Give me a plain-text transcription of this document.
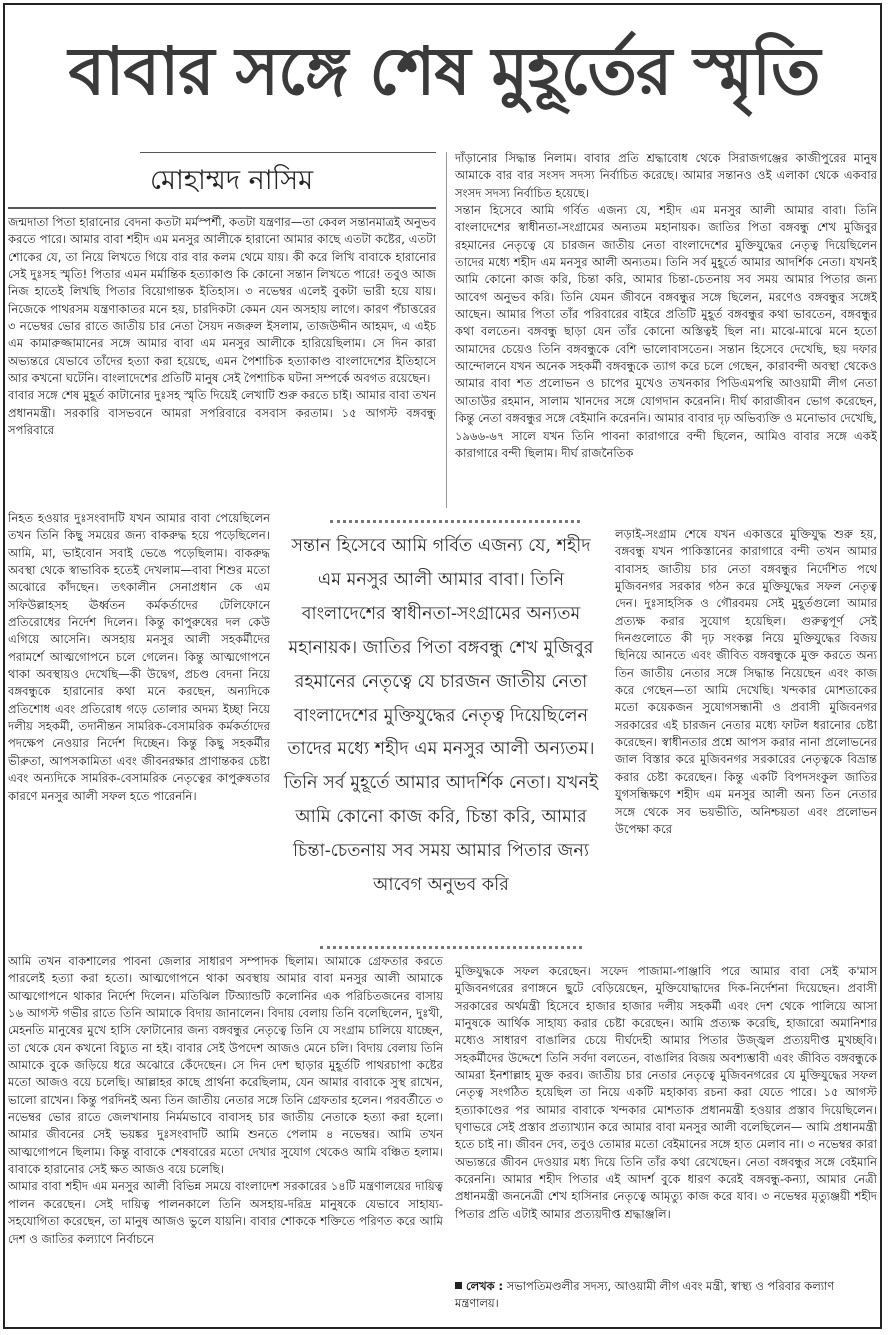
বাবার সঙ্গে শেষ মুহূর্তের স্মৃতি
মোহাম্মদ নাসিম

জন্মদাতা পিতা হারানোর বেদনা কতটা মর্মস্পর্শী, কতটা যন্ত্রণার—তা কেবল সন্তানমাত্রই অনুভব করতে পারে। আমার বাবা শহীদ এম মনসুর আলীকে হারানো আমার কাছে এতটা কষ্টের, এতটা শোকের যে, তা নিয়ে লিখতে গিয়ে বার বার কলম থেমে যায়। কী করে লিখি বাবাকে হারানোর সেই দুঃসহ স্মৃতি! পিতার এমন মর্মান্তিক হত্যাকাণ্ড কি কোনো সন্তান লিখতে পারে! তবুও আজ নিজ হাতেই লিখছি পিতার বিয়োগান্তক ইতিহাস। ৩ নভেম্বর এলেই বুকটা ভারী হয়ে যায়। নিজেকে পাথরসম যন্ত্রণাকাতর মনে হয়, চারদিকটা কেমন যেন অসহায় লাগে। কারণ পঁচাত্তরের ৩ নভেম্বর ভোর রাতে জাতীয় চার নেতা সৈয়দ নজরুল ইসলাম, তাজউদ্দীন আহমদ, এ এইচ এম কামারুজ্জামানের সঙ্গে আমার বাবা এম মনসুর আলীকে হারিয়েছিলাম। সে দিন কারা অভ্যন্তরে যেভাবে তাঁদের হত্যা করা হয়েছে, এমন পৈশাচিক হত্যাকাণ্ড বাংলাদেশের ইতিহাসে আর কখনো ঘটেনি। বাংলাদেশের প্রতিটি মানুষ সেই পৈশাচিক ঘটনা সম্পর্কে অবগত রয়েছেন।

বাবার সঙ্গে শেষ মুহূর্ত কাটানোর দুঃসহ স্মৃতি দিয়েই লেখাটি শুরু করতে চাই। আমার বাবা তখন প্রধানমন্ত্রী। সরকারি বাসভবনে আমরা সপরিবারে বসবাস করতাম। ১৫ আগস্ট বঙ্গবন্ধু সপরিবারে

নিহত হওয়ার দুঃসংবাদটি যখন আমার বাবা পেয়েছিলেন তখন তিনি কিছু সময়ের জন্য বাকরুদ্ধ হয়ে পড়েছিলেন। আমি, মা, ভাইবোন সবাই ভেঙে পড়েছিলাম। বাকরুদ্ধ অবস্থা থেকে স্বাভাবিক হতেই দেখলাম—বাবা শিশুর মতো অঝোরে কাঁদছেন। তৎকালীন সেনাপ্রধান কে এম সফিউল্লাহসহ ঊর্ধ্বতন কর্মকর্তাদের টেলিফোনে প্রতিরোধের নির্দেশ দিলেন। কিন্তু কাপুরুষের দল কেউ এগিয়ে আসেনি। অসহায় মনসুর আলী সহকর্মীদের পরামর্শে আত্মগোপনে চলে গেলেন। কিন্তু আত্মগোপনে থাকা অবস্থায়ও দেখেছি—কী উদ্বেগ, প্রচণ্ড বেদনা নিয়ে বঙ্গবন্ধুকে হারানোর কথা মনে করছেন, অন্যদিকে প্রতিশোধ এবং প্রতিরোধ গড়ে তোলার অদম্য ইচ্ছা নিয়ে দলীয় সহকর্মী, তদানীন্তন সামরিক-বেসামরিক কর্মকর্তাদের পদক্ষেপ নেওয়ার নির্দেশ দিচ্ছেন। কিন্তু কিছু সহকর্মীর ভীরুতা, আপসকামিতা এবং জীবনরক্ষার প্রাণান্তকর চেষ্টা এবং অন্যদিকে সামরিক-বেসামরিক নেতৃত্বের কাপুরুষতার কারণে মনসুর আলী সফল হতে পারেননি।

আমি তখন বাকশালের পাবনা জেলার সাধারণ সম্পাদক ছিলাম। আমাকে গ্রেফতার করতে পারলেই হত্যা করা হতো। আত্মগোপনে থাকা অবস্থায় আমার বাবা মনসুর আলী আমাকে আত্মগোপনে থাকার নির্দেশ দিলেন। মতিঝিল টিঅ্যান্ডটি কলোনির এক পরিচিতজনের বাসায় ১৬ আগস্ট গভীর রাতে তিনি আমাকে বিদায় জানালেন। বিদায় বেলায় তিনি বলেছিলেন, দুঃখী, মেহনতি মানুষের মুখে হাসি ফোটানোর জন্য বঙ্গবন্ধুর নেতৃত্বে তিনি যে সংগ্রাম চালিয়ে যাচ্ছেন, তা থেকে যেন কখনো বিচ্যুত না হই। বাবার সেই উপদেশ আজও মেনে চলি। বিদায় বেলায় তিনি আমাকে বুকে জড়িয়ে ধরে অঝোরে কেঁদেছেন। সে দিন দেশ ছাড়ার মুহূর্তটি পাথরচাপা কষ্টের মতো আজও বয়ে চলেছি। আল্লাহর কাছে প্রার্থনা করেছিলাম, যেন আমার বাবাকে সুস্থ রাখেন, ভালো রাখেন। কিন্তু পরদিনই অন্য তিন জাতীয় নেতার সঙ্গে তিনি গ্রেফতার হলেন। পরবর্তীতে ৩ নভেম্বর ভোর রাতে জেলখানায় নির্মমভাবে বাবাসহ চার জাতীয় নেতাকে হত্যা করা হলো। আমার জীবনের সেই ভয়ঙ্কর দুঃসংবাদটি আমি শুনতে পেলাম ৪ নভেম্বর। আমি তখন আত্মগোপনে ছিলাম। কিন্তু বাবাকে শেষবারের মতো দেখার সুযোগ থেকেও আমি বঞ্চিত হলাম। বাবাকে হারানোর সেই ক্ষত আজও বয়ে চলেছি।

আমার বাবা শহীদ এম মনসুর আলী বিভিন্ন সময়ে বাংলাদেশ সরকারের ১৪টি মন্ত্রণালয়ের দায়িত্ব পালন করেছেন। সেই দায়িত্ব পালনকালে তিনি অসহায়-দরিদ্র মানুষকে যেভাবে সাহায্য-সহযোগিতা করেছেন, তা মানুষ আজও ভুলে যায়নি। বাবার শোককে শক্তিতে পরিণত করে আমি দেশ ও জাতির কল্যাণে নির্বাচনে

দাঁড়ানোর সিদ্ধান্ত নিলাম। বাবার প্রতি শ্রদ্ধাবোধ থেকে সিরাজগঞ্জের কাজীপুরের মানুষ আমাকে বার বার সংসদ সদস্য নির্বাচিত করেছে। আমার সন্তানও ওই এলাকা থেকে একবার সংসদ সদস্য নির্বাচিত হয়েছে।

সন্তান হিসেবে আমি গর্বিত এজন্য যে, শহীদ এম মনসুর আলী আমার বাবা। তিনি বাংলাদেশের স্বাধীনতা-সংগ্রামের অন্যতম মহানায়ক। জাতির পিতা বঙ্গবন্ধু শেখ মুজিবুর রহমানের নেতৃত্বে যে চারজন জাতীয় নেতা বাংলাদেশের মুক্তিযুদ্ধের নেতৃত্ব দিয়েছিলেন তাদের মধ্যে শহীদ এম মনসুর আলী অন্যতম। তিনি সর্ব মুহূর্তে আমার আদর্শিক নেতা। যখনই আমি কোনো কাজ করি, চিন্তা করি, আমার চিন্তা-চেতনায় সব সময় আমার পিতার জন্য আবেগ অনুভব করি। তিনি যেমন জীবনে বঙ্গবন্ধুর সঙ্গে ছিলেন, মরণেও বঙ্গবন্ধুর সঙ্গেই আছেন। আমার পিতা তাঁর পরিবারের বাইরে প্রতিটি মুহূর্ত বঙ্গবন্ধুর কথা ভাবতেন, বঙ্গবন্ধুর কথা বলতেন। বঙ্গবন্ধু ছাড়া যেন তাঁর কোনো অস্তিত্বই ছিল না। মাঝে-মাঝে মনে হতো আমাদের চেয়েও তিনি বঙ্গবন্ধুকে বেশি ভালোবাসতেন। সন্তান হিসেবে দেখেছি, ছয় দফার আন্দোলনে যখন অনেক সহকর্মী বঙ্গবন্ধুকে ত্যাগ করে চলে গেছেন, কারাবন্দী অবস্থা থেকেও আমার বাবা শত প্রলোভন ও চাপের মুখেও তখনকার পিডিএমপন্থি আওয়ামী লীগ নেতা আতাউর রহমান, সালাম খানদের সঙ্গে যোগদান করেননি। দীর্ঘ কারাজীবন ভোগ করেছেন, কিন্তু নেতা বঙ্গবন্ধুর সঙ্গে বেইমানি করেননি। আমার বাবার দৃঢ় অভিব্যক্তি ও মনোভাব দেখেছি, ১৯৬৬-৬৭ সালে যখন তিনি পাবনা কারাগারে বন্দী ছিলেন, আমিও বাবার সঙ্গে একই কারাগারে বন্দী ছিলাম। দীর্ঘ রাজনৈতিক

লড়াই-সংগ্রাম শেষে যখন একাত্তরে মুক্তিযুদ্ধ শুরু হয়, বঙ্গবন্ধু যখন পাকিস্তানের কারাগারে বন্দী তখন আমার বাবাসহ জাতীয় চার নেতা বঙ্গবন্ধুর নির্দেশিত পথে মুজিবনগর সরকার গঠন করে মুক্তিযুদ্ধের সফল নেতৃত্ব দেন। দুঃসাহসিক ও গৌরবময় সেই মুহূর্তগুলো আমার প্রত্যক্ষ করার সুযোগ হয়েছিল। গুরুত্বপূর্ণ সেই দিনগুলোতে কী দৃঢ় সংকল্প নিয়ে মুক্তিযুদ্ধের বিজয় ছিনিয়ে আনতে এবং জীবিত বঙ্গবন্ধুকে মুক্ত করতে অন্য তিন জাতীয় নেতার সঙ্গে সিদ্ধান্ত নিয়েছেন এবং কাজ করে গেছেন—তা আমি দেখেছি। খন্দকার মোশতাকের মতো কয়েকজন সুযোগসন্ধানী ও প্রবাসী মুজিবনগর সরকারের এই চারজন নেতার মধ্যে ফাটল ধরানোর চেষ্টা করেছেন। স্বাধীনতার প্রশ্নে আপস করার নানা প্রলোভনের জাল বিস্তার করে মুজিবনগর সরকারের নেতৃত্বকে বিভ্রান্ত করার চেষ্টা করেছেন। কিন্তু একটি বিপদসংকুল জাতির যুগসন্ধিক্ষণে শহীদ এম মনসুর আলী অন্য তিন নেতার সঙ্গে থেকে সব ভয়ভীতি, অনিশ্চয়তা এবং প্রলোভন উপেক্ষা করে

মুক্তিযুদ্ধকে সফল করেছেন। সফেদ পাজামা-পাঞ্জাবি পরে আমার বাবা সেই ক'মাস মুজিবনগরের রণাঙ্গনে ছুটে বেড়িয়েছেন, মুক্তিযোদ্ধাদের দিক-নির্দেশনা দিয়েছেন। প্রবাসী সরকারের অর্থমন্ত্রী হিসেবে হাজার হাজার দলীয় সহকর্মী এবং দেশ থেকে পালিয়ে আসা মানুষকে আর্থিক সাহায্য করার চেষ্টা করেছেন। আমি প্রত্যক্ষ করেছি, হাজারো অমানিশার মধ্যেও সাধারণ বাঙালির চেয়ে দীর্ঘদেহী আমার পিতার উজ্জ্বল প্রত্যয়দীপ্ত মুখচ্ছবি। সহকর্মীদের উদ্দেশে তিনি সর্বদা বলতেন, বাঙালির বিজয় অবশ্যম্ভাবী এবং জীবিত বঙ্গবন্ধুকে আমরা ইনশাল্লাহ মুক্ত করব। জাতীয় চার নেতার নেতৃত্বে মুজিবনগরের যে মুক্তিযুদ্ধের সফল নেতৃত্ব সংগঠিত হয়েছিল তা নিয়ে একটি মহাকাব্য রচনা করা যেতে পারে। ১৫ আগস্ট হত্যাকাণ্ডের পর আমার বাবাকে খন্দকার মোশতাক প্রধানমন্ত্রী হওয়ার প্রস্তাব দিয়েছিলেন। ঘৃণাভরে সেই প্রস্তাব প্রত্যাখ্যান করে আমার বাবা মনসুর আলী বলেছিলেন— আমি প্রধানমন্ত্রী হতে চাই না। জীবন দেব, তবুও তোমার মতো বেইমানের সঙ্গে হাত মেলাব না। ৩ নভেম্বর কারা অভ্যন্তরে জীবন দেওয়ার মধ্য দিয়ে তিনি তাঁর কথা রেখেছেন। নেতা বঙ্গবন্ধুর সঙ্গে বেইমানি করেননি। আমার শহীদ পিতার এই আদর্শ বুকে ধারণ করেই বঙ্গবন্ধু-কন্যা, আমার নেত্রী প্রধানমন্ত্রী জননেত্রী শেখ হাসিনার নেতৃত্বে আমৃত্যু কাজ করে যাব। ৩ নভেম্বর মৃত্যুঞ্জয়ী শহীদ পিতার প্রতি এটাই আমার প্রত্যয়দীপ্ত শ্রদ্ধাঞ্জলি।

সন্তান হিসেবে আমি গর্বিত এজন্য যে, শহীদ এম মনসুর আলী আমার বাবা। তিনি বাংলাদেশের স্বাধীনতা-সংগ্রামের অন্যতম মহানায়ক। জাতির পিতা বঙ্গবন্ধু শেখ মুজিবুর রহমানের নেতৃত্বে যে চারজন জাতীয় নেতা বাংলাদেশের মুক্তিযুদ্ধের নেতৃত্ব দিয়েছিলেন তাদের মধ্যে শহীদ এম মনসুর আলী অন্যতম। তিনি সর্ব মুহূর্তে আমার আদর্শিক নেতা। যখনই আমি কোনো কাজ করি, চিন্তা করি, আমার চিন্তা-চেতনায় সব সময় আমার পিতার জন্য আবেগ অনুভব করি

লেখক : সভাপতিমণ্ডলীর সদস্য, আওয়ামী লীগ এবং মন্ত্রী, স্বাস্থ্য ও পরিবার কল্যাণ মন্ত্রণালয়।
